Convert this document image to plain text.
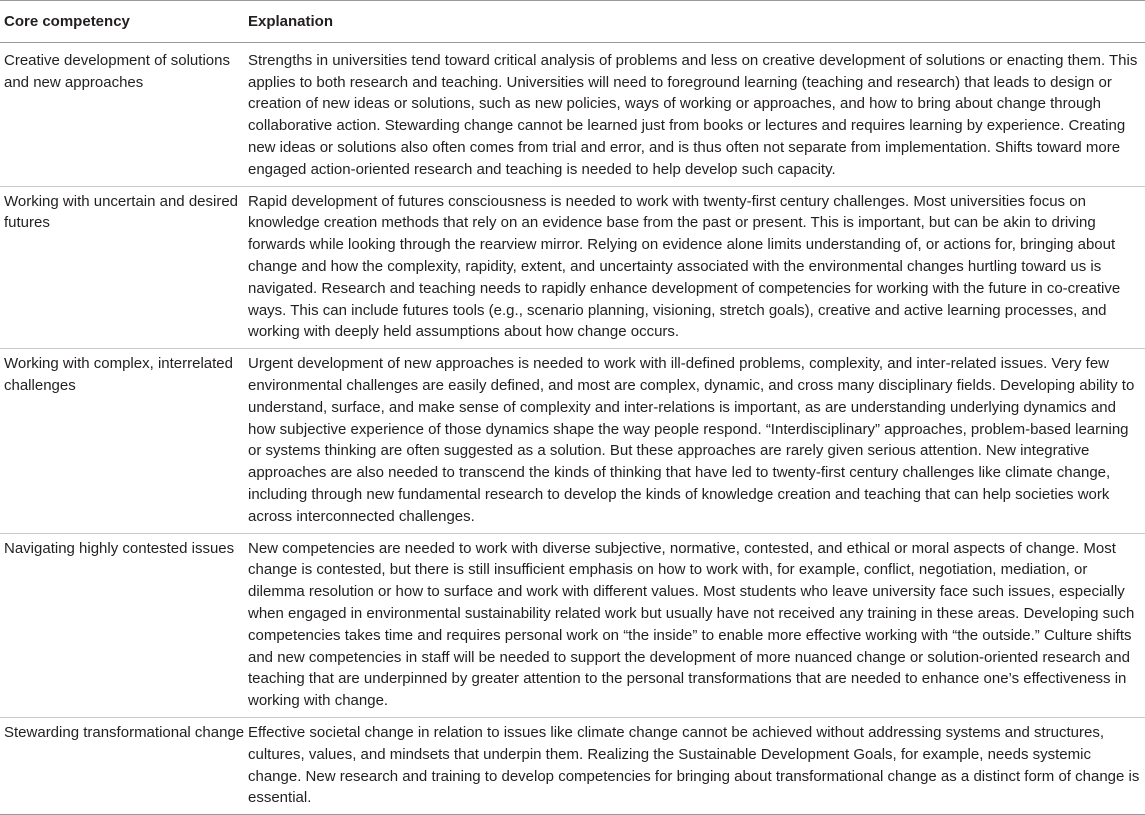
Core competency	Explanation
Creative development of solutions and new approaches	Strengths in universities tend toward critical analysis of problems and less on creative development of solutions or enacting them. This applies to both research and teaching. Universities will need to foreground learning (teaching and research) that leads to design or creation of new ideas or solutions, such as new policies, ways of working or approaches, and how to bring about change through collaborative action. Stewarding change cannot be learned just from books or lectures and requires learning by experience. Creating new ideas or solutions also often comes from trial and error, and is thus often not separate from implementation. Shifts toward more engaged action-oriented research and teaching is needed to help develop such capacity.
Working with uncertain and desired futures	Rapid development of futures consciousness is needed to work with twenty-first century challenges. Most universities focus on knowledge creation methods that rely on an evidence base from the past or present. This is important, but can be akin to driving forwards while looking through the rearview mirror. Relying on evidence alone limits understanding of, or actions for, bringing about change and how the complexity, rapidity, extent, and uncertainty associated with the environmental changes hurtling toward us is navigated. Research and teaching needs to rapidly enhance development of competencies for working with the future in co-creative ways. This can include futures tools (e.g., scenario planning, visioning, stretch goals), creative and active learning processes, and working with deeply held assumptions about how change occurs.
Working with complex, interrelated challenges	Urgent development of new approaches is needed to work with ill-defined problems, complexity, and inter-related issues. Very few environmental challenges are easily defined, and most are complex, dynamic, and cross many disciplinary fields. Developing ability to understand, surface, and make sense of complexity and inter-relations is important, as are understanding underlying dynamics and how subjective experience of those dynamics shape the way people respond. “Interdisciplinary” approaches, problem-based learning or systems thinking are often suggested as a solution. But these approaches are rarely given serious attention. New integrative approaches are also needed to transcend the kinds of thinking that have led to twenty-first century challenges like climate change, including through new fundamental research to develop the kinds of knowledge creation and teaching that can help societies work across interconnected challenges.
Navigating highly contested issues	New competencies are needed to work with diverse subjective, normative, contested, and ethical or moral aspects of change. Most change is contested, but there is still insufficient emphasis on how to work with, for example, conflict, negotiation, mediation, or dilemma resolution or how to surface and work with different values. Most students who leave university face such issues, especially when engaged in environmental sustainability related work but usually have not received any training in these areas. Developing such competencies takes time and requires personal work on “the inside” to enable more effective working with “the outside.” Culture shifts and new competencies in staff will be needed to support the development of more nuanced change or solution-oriented research and teaching that are underpinned by greater attention to the personal transformations that are needed to enhance one’s effectiveness in working with change.
Stewarding transformational change	Effective societal change in relation to issues like climate change cannot be achieved without addressing systems and structures, cultures, values, and mindsets that underpin them. Realizing the Sustainable Development Goals, for example, needs systemic change. New research and training to develop competencies for bringing about transformational change as a distinct form of change is essential.
